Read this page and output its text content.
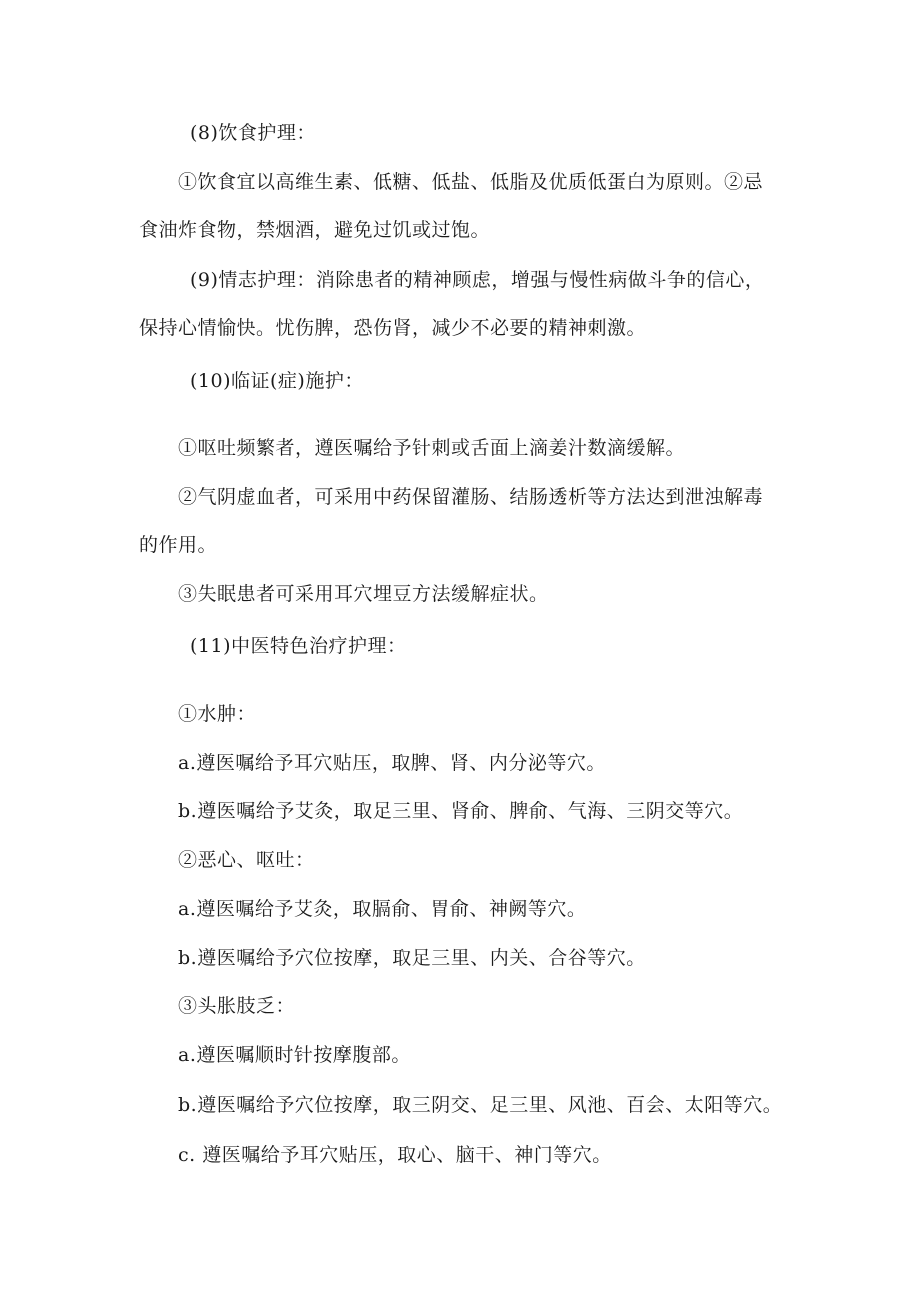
(8)饮食护理：
①饮食宜以高维生素、低糖、低盐、低脂及优质低蛋白为原则。②忌
食油炸食物，禁烟酒，避免过饥或过饱。
(9)情志护理：消除患者的精神顾虑，增强与慢性病做斗争的信心，
保持心情愉快。忧伤脾，恐伤肾，减少不必要的精神刺激。
(10)临证(症)施护：
①呕吐频繁者，遵医嘱给予针刺或舌面上滴姜汁数滴缓解。
②气阴虚血者，可采用中药保留灌肠、结肠透析等方法达到泄浊解毒
的作用。
③失眠患者可采用耳穴埋豆方法缓解症状。
(11)中医特色治疗护理：
①水肿：
a.遵医嘱给予耳穴贴压，取脾、肾、内分泌等穴。
b.遵医嘱给予艾灸，取足三里、肾俞、脾俞、气海、三阴交等穴。
②恶心、呕吐：
a.遵医嘱给予艾灸，取膈俞、胃俞、神阙等穴。
b.遵医嘱给予穴位按摩，取足三里、内关、合谷等穴。
③头胀肢乏：
a.遵医嘱顺时针按摩腹部。
b.遵医嘱给予穴位按摩，取三阴交、足三里、风池、百会、太阳等穴。
c. 遵医嘱给予耳穴贴压，取心、脑干、神门等穴。
